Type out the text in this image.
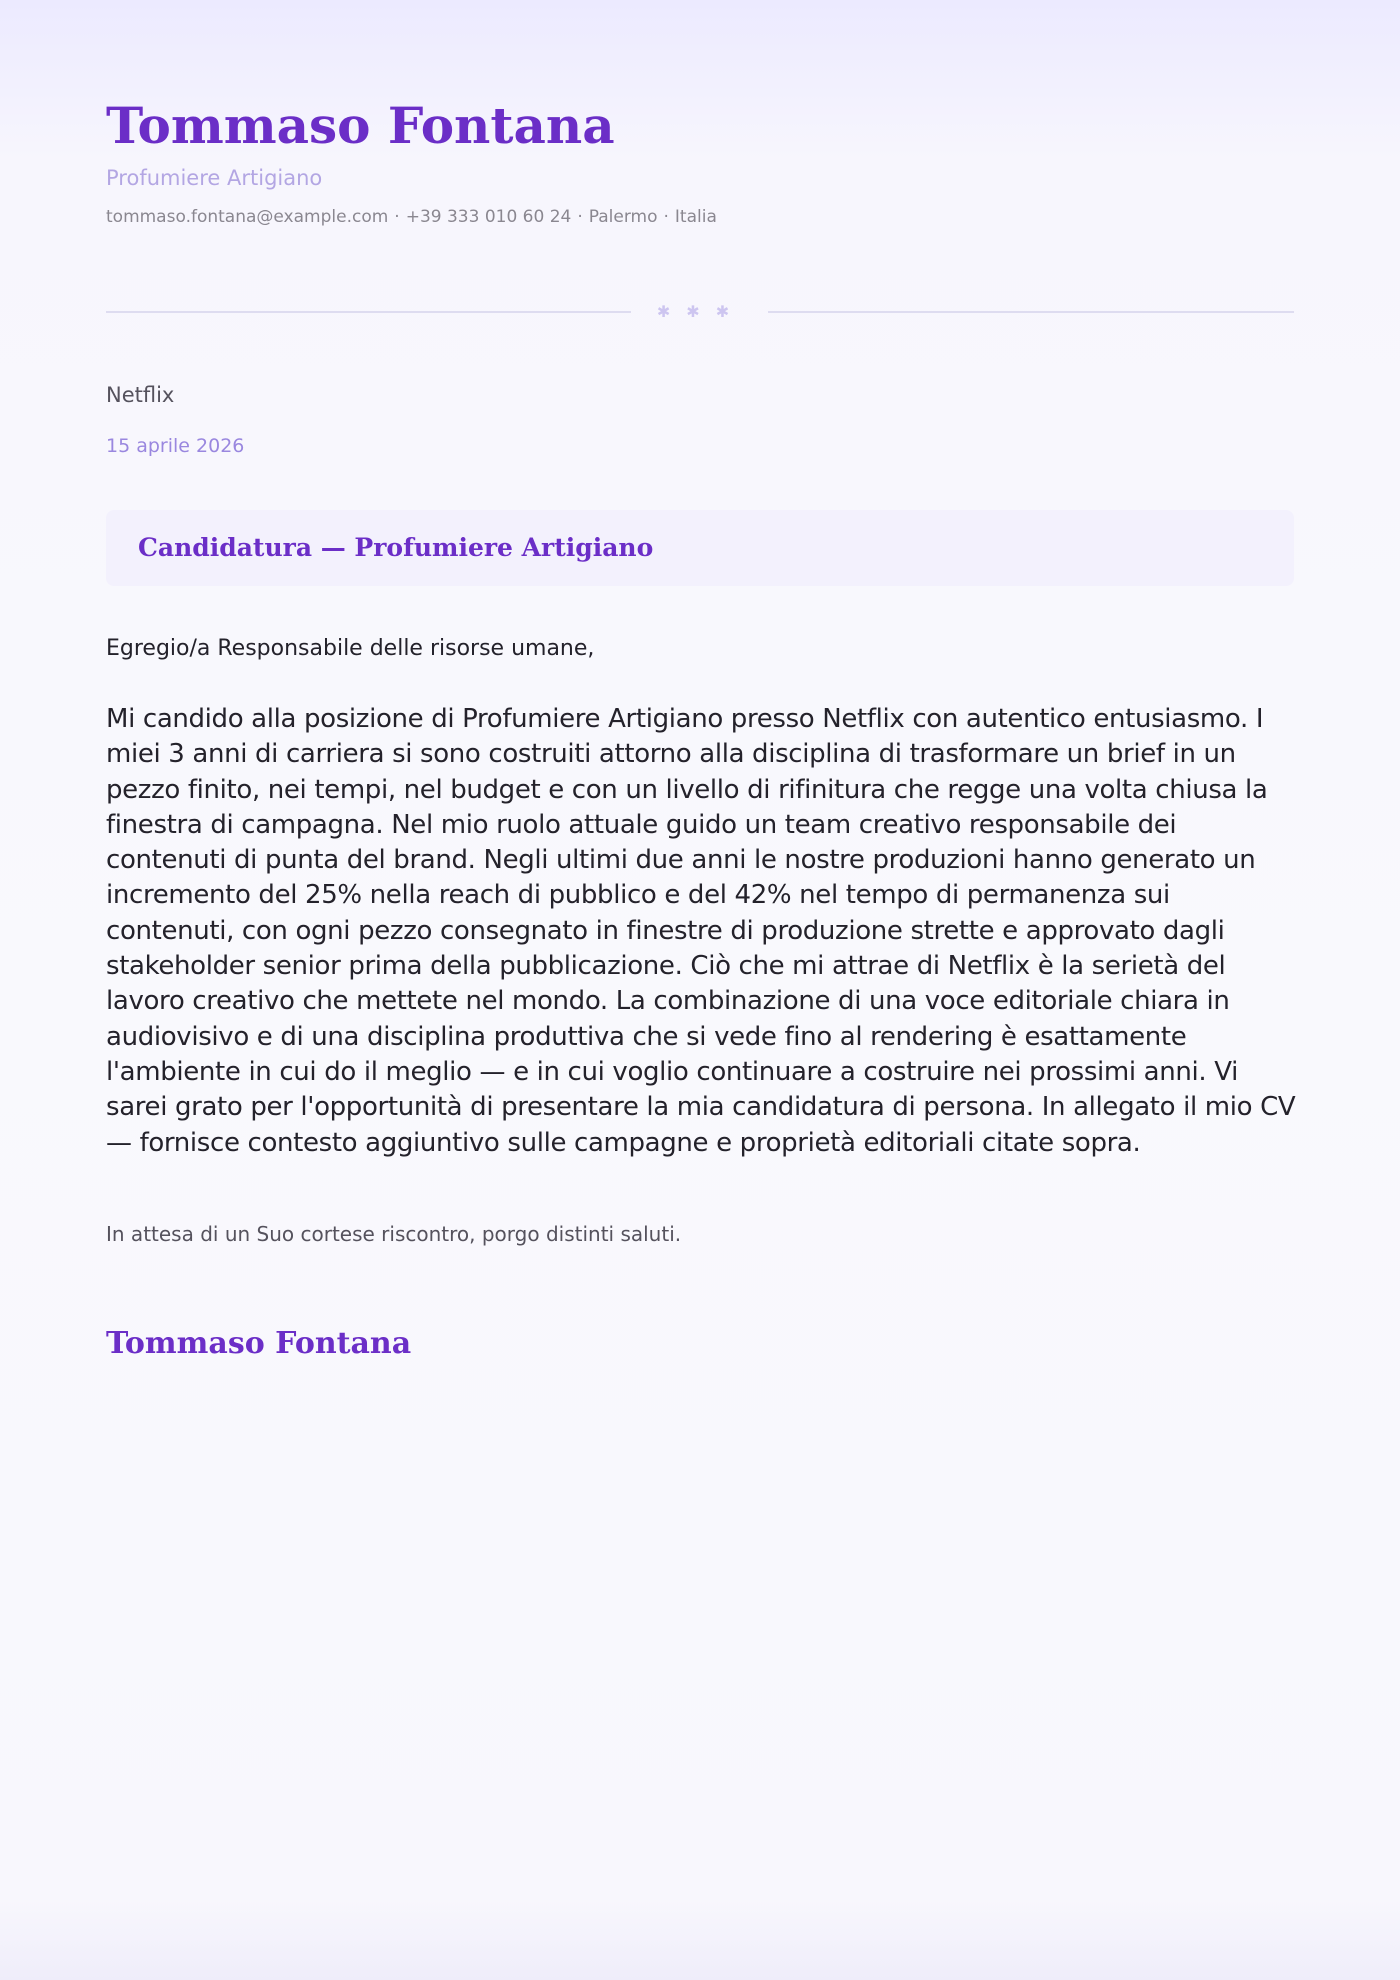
Tommaso Fontana
Profumiere Artigiano
tommaso.fontana@example.com · +39 333 010 60 24 · Palermo · Italia
✱✱✱
Netflix
15 aprile 2026
Candidatura — Profumiere Artigiano
Egregio/a Responsabile delle risorse umane,

Mi candido alla posizione di Profumiere Artigiano presso Netflix con autentico entusiasmo. I miei 3 anni di carriera si sono costruiti attorno alla disciplina di trasformare un brief in un pezzo finito, nei tempi, nel budget e con un livello di rifinitura che regge una volta chiusa la finestra di campagna. Nel mio ruolo attuale guido un team creativo responsabile dei contenuti di punta del brand. Negli ultimi due anni le nostre produzioni hanno generato un incremento del 25% nella reach di pubblico e del 42% nel tempo di permanenza sui contenuti, con ogni pezzo consegnato in finestre di produzione strette e approvato dagli stakeholder senior prima della pubblicazione. Ciò che mi attrae di Netflix è la serietà del lavoro creativo che mettete nel mondo. La combinazione di una voce editoriale chiara in audiovisivo e di una disciplina produttiva che si vede fino al rendering è esattamente l'ambiente in cui do il meglio — e in cui voglio continuare a costruire nei prossimi anni. Vi sarei grato per l'opportunità di presentare la mia candidatura di persona. In allegato il mio CV — fornisce contesto aggiuntivo sulle campagne e proprietà editoriali citate sopra.

In attesa di un Suo cortese riscontro, porgo distinti saluti.
Tommaso Fontana
